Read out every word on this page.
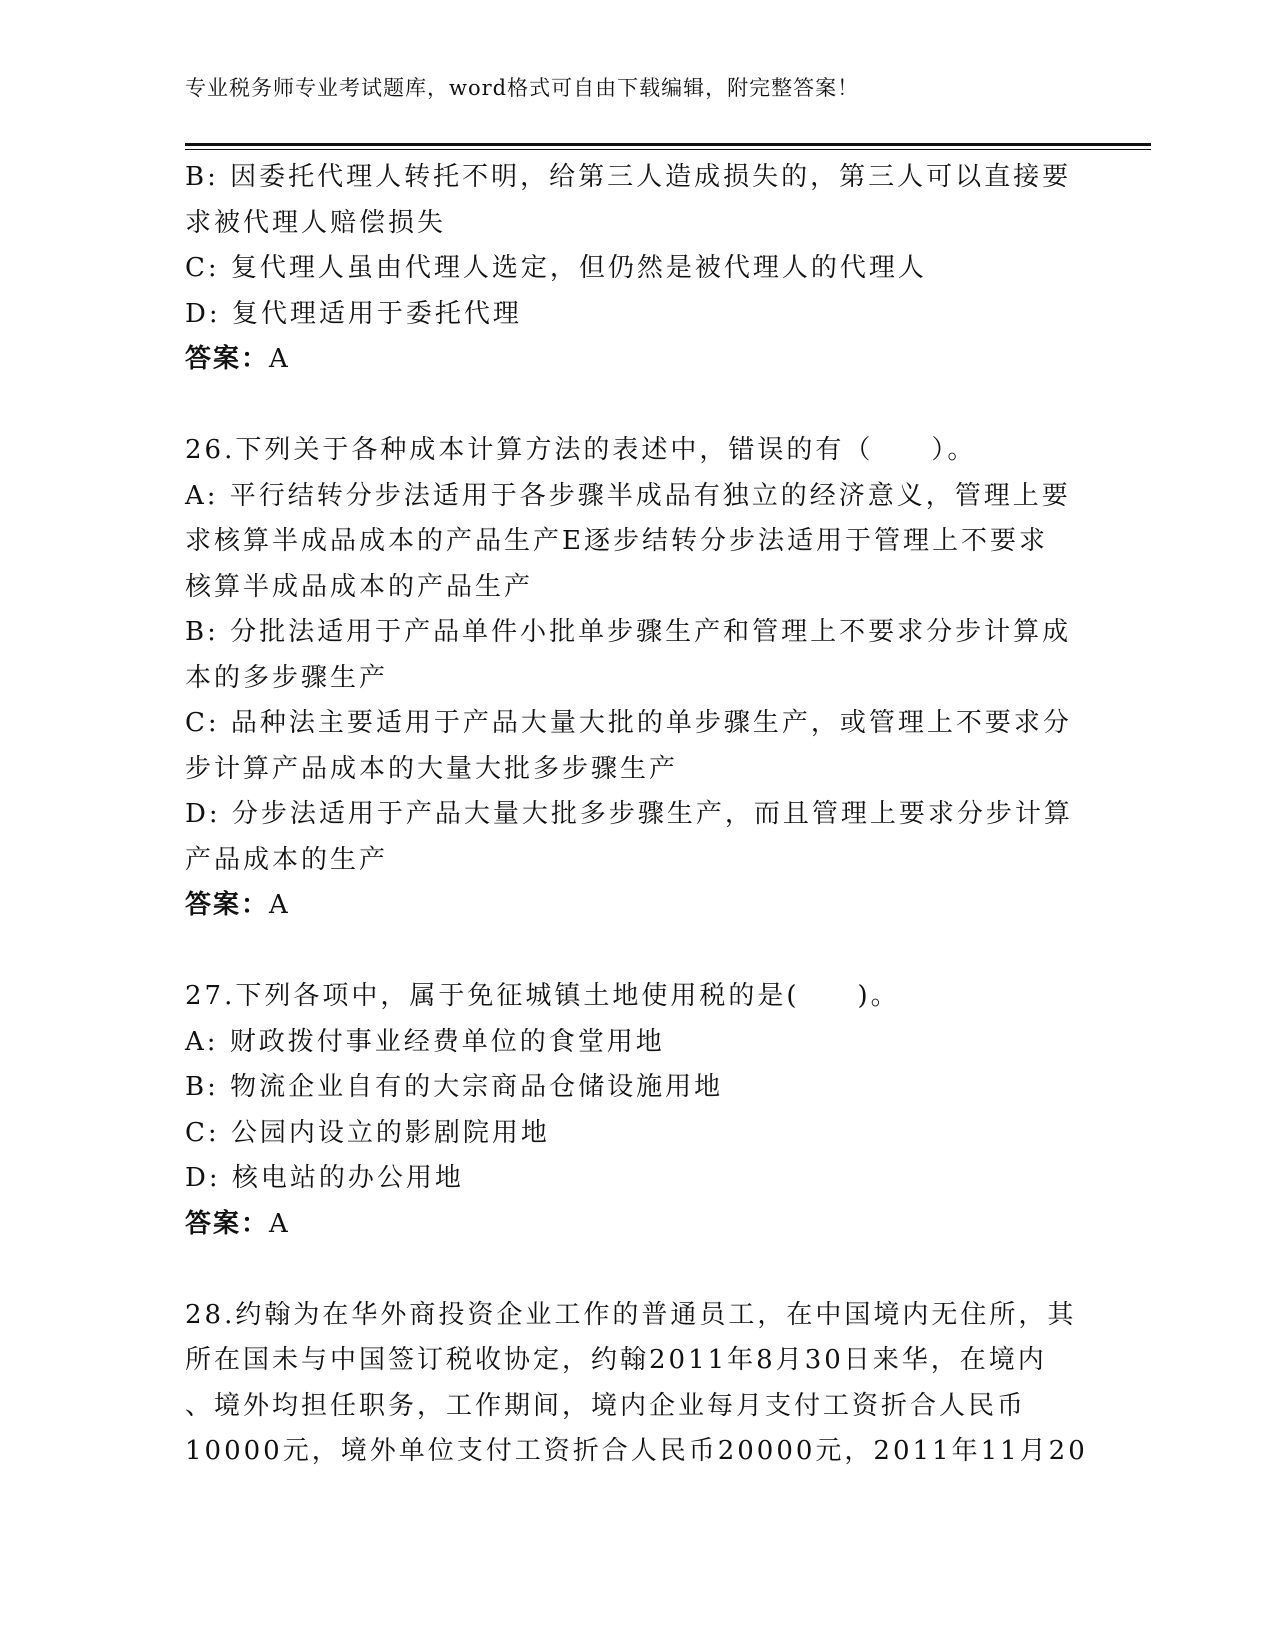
专业税务师专业考试题库，word格式可自由下载编辑，附完整答案！
B: 因委托代理人转托不明，给第三人造成损失的，第三人可以直接要
求被代理人赔偿损失
C: 复代理人虽由代理人选定，但仍然是被代理人的代理人
D: 复代理适用于委托代理
答案：A
26.下列关于各种成本计算方法的表述中，错误的有（　　）。
A: 平行结转分步法适用于各步骤半成品有独立的经济意义，管理上要
求核算半成品成本的产品生产E逐步结转分步法适用于管理上不要求
核算半成品成本的产品生产
B: 分批法适用于产品单件小批单步骤生产和管理上不要求分步计算成
本的多步骤生产
C: 品种法主要适用于产品大量大批的单步骤生产，或管理上不要求分
步计算产品成本的大量大批多步骤生产
D: 分步法适用于产品大量大批多步骤生产，而且管理上要求分步计算
产品成本的生产
答案：A
27.下列各项中，属于免征城镇土地使用税的是(　　)。
A: 财政拨付事业经费单位的食堂用地
B: 物流企业自有的大宗商品仓储设施用地
C: 公园内设立的影剧院用地
D: 核电站的办公用地
答案：A
28.约翰为在华外商投资企业工作的普通员工，在中国境内无住所，其
所在国未与中国签订税收协定，约翰2011年8月30日来华，在境内
、境外均担任职务，工作期间，境内企业每月支付工资折合人民币
10000元，境外单位支付工资折合人民币20000元，2011年11月20
